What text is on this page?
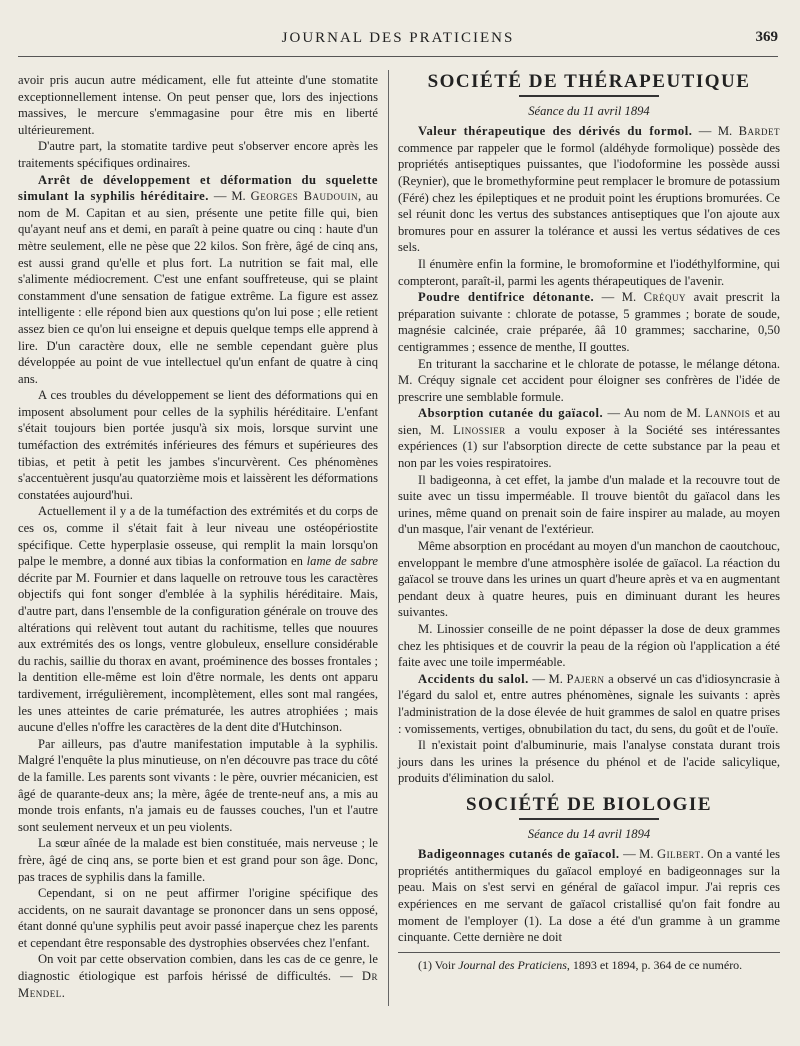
JOURNAL DES PRATICIENS	369

avoir pris aucun autre médicament, elle fut atteinte d'une stomatite exceptionnellement intense. On peut penser que, lors des injections massives, le mercure s'emmagasine pour être mis en liberté ultérieurement.

D'autre part, la stomatite tardive peut s'observer encore après les traitements spécifiques ordinaires.

Arrêt de développement et déformation du squelette simulant la syphilis héréditaire. — M. Georges Baudouin, au nom de M. Capitan et au sien, présente une petite fille qui, bien qu'ayant neuf ans et demi, en paraît à peine quatre ou cinq : haute d'un mètre seulement, elle ne pèse que 22 kilos. Son frère, âgé de cinq ans, est aussi grand qu'elle et plus fort. La nutrition se fait mal, elle s'alimente médiocrement. C'est une enfant souffreteuse, qui se plaint constamment d'une sensation de fatigue extrême. La figure est assez intelligente : elle répond bien aux questions qu'on lui pose ; elle retient assez bien ce qu'on lui enseigne et depuis quelque temps elle apprend à lire. D'un caractère doux, elle ne semble cependant guère plus développée au point de vue intellectuel qu'un enfant de quatre à cinq ans.

A ces troubles du développement se lient des déformations qui en imposent absolument pour celles de la syphilis héréditaire. L'enfant s'était toujours bien portée jusqu'à six mois, lorsque survint une tuméfaction des extrémités inférieures des fémurs et supérieures des tibias, et petit à petit les jambes s'incurvèrent. Ces phénomènes s'accentuèrent jusqu'au quatorzième mois et laissèrent les déformations constatées aujourd'hui.

Actuellement il y a de la tuméfaction des extrémités et du corps de ces os, comme il s'était fait à leur niveau une ostéopériostite spécifique. Cette hyperplasie osseuse, qui remplit la main lorsqu'on palpe le membre, a donné aux tibias la conformation en lame de sabre décrite par M. Fournier et dans laquelle on retrouve tous les caractères objectifs qui font songer d'emblée à la syphilis héréditaire. Mais, d'autre part, dans l'ensemble de la configuration générale on trouve des altérations qui relèvent tout autant du rachitisme, telles que nouures aux extrémités des os longs, ventre globuleux, ensellure considérable du rachis, saillie du thorax en avant, proéminence des bosses frontales ; la dentition elle-même est loin d'être normale, les dents ont apparu tardivement, irrégulièrement, incomplètement, elles sont mal rangées, les unes atteintes de carie prématurée, les autres atrophiées ; mais aucune d'elles n'offre les caractères de la dent dite d'Hutchinson.

Par ailleurs, pas d'autre manifestation imputable à la syphilis. Malgré l'enquête la plus minutieuse, on n'en découvre pas trace du côté de la famille. Les parents sont vivants : le père, ouvrier mécanicien, est âgé de quarante-deux ans; la mère, âgée de trente-neuf ans, a mis au monde trois enfants, n'a jamais eu de fausses couches, l'un et l'autre sont seulement nerveux et un peu violents.

La sœur aînée de la malade est bien constituée, mais nerveuse ; le frère, âgé de cinq ans, se porte bien et est grand pour son âge. Donc, pas traces de syphilis dans la famille.

Cependant, si on ne peut affirmer l'origine spécifique des accidents, on ne saurait davantage se prononcer dans un sens opposé, étant donné qu'une syphilis peut avoir passé inaperçue chez les parents et cependant être responsable des dystrophies observées chez l'enfant.

On voit par cette observation combien, dans les cas de ce genre, le diagnostic étiologique est parfois hérissé de difficultés. — Dr Mendel.

SOCIÉTÉ DE THÉRAPEUTIQUE

Séance du 11 avril 1894

Valeur thérapeutique des dérivés du formol. — M. Bardet commence par rappeler que le formol (aldéhyde formolique) possède des propriétés antiseptiques puissantes, que l'iodoformine les possède aussi (Reynier), que le bromethyformine peut remplacer le bromure de potassium (Féré) chez les épileptiques et ne produit point les éruptions bromurées. Ce sel réunit donc les vertus des substances antiseptiques que l'on ajoute aux bromures pour en assurer la tolérance et aussi les vertus sédatives de ces sels.

Il énumère enfin la formine, le bromoformine et l'iodéthylformine, qui compteront, paraît-il, parmi les agents thérapeutiques de l'avenir.

Poudre dentifrice détonante. — M. Créquy avait prescrit la préparation suivante : chlorate de potasse, 5 grammes ; borate de soude, magnésie calcinée, craie préparée, ââ 10 grammes; saccharine, 0,50 centigrammes ; essence de menthe, II gouttes.

En triturant la saccharine et le chlorate de potasse, le mélange détona. M. Créquy signale cet accident pour éloigner ses confrères de l'idée de prescrire une semblable formule.

Absorption cutanée du gaïacol. — Au nom de M. Lannois et au sien, M. Linossier a voulu exposer à la Société ses intéressantes expériences (1) sur l'absorption directe de cette substance par la peau et non par les voies respiratoires.

Il badigeonna, à cet effet, la jambe d'un malade et la recouvre tout de suite avec un tissu imperméable. Il trouve bientôt du gaïacol dans les urines, même quand on prenait soin de faire inspirer au malade, au moyen d'un masque, l'air venant de l'extérieur.

Même absorption en procédant au moyen d'un manchon de caoutchouc, enveloppant le membre d'une atmosphère isolée de gaïacol. La réaction du gaïacol se trouve dans les urines un quart d'heure après et va en augmentant pendant deux à quatre heures, puis en diminuant durant les heures suivantes.

M. Linossier conseille de ne point dépasser la dose de deux grammes chez les phtisiques et de couvrir la peau de la région où l'application a été faite avec une toile imperméable.

Accidents du salol. — M. Pajern a observé un cas d'idiosyncrasie à l'égard du salol et, entre autres phénomènes, signale les suivants : après l'administration de la dose élevée de huit grammes de salol en quatre prises : vomissements, vertiges, obnubilation du tact, du sens, du goût et de l'ouïe.

Il n'existait point d'albuminurie, mais l'analyse constata durant trois jours dans les urines la présence du phénol et de l'acide salicylique, produits d'élimination du salol.

SOCIÉTÉ DE BIOLOGIE

Séance du 14 avril 1894

Badigeonnages cutanés de gaïacol. — M. Gilbert. On a vanté les propriétés antithermiques du gaïacol employé en badigeonnages sur la peau. Mais on s'est servi en général de gaïacol impur. J'ai repris ces expériences en me servant de gaïacol cristallisé qu'on fait fondre au moment de l'employer (1). La dose a été d'un gramme à un gramme cinquante. Cette dernière ne doit

(1) Voir Journal des Praticiens, 1893 et 1894, p. 364 de ce numéro.
